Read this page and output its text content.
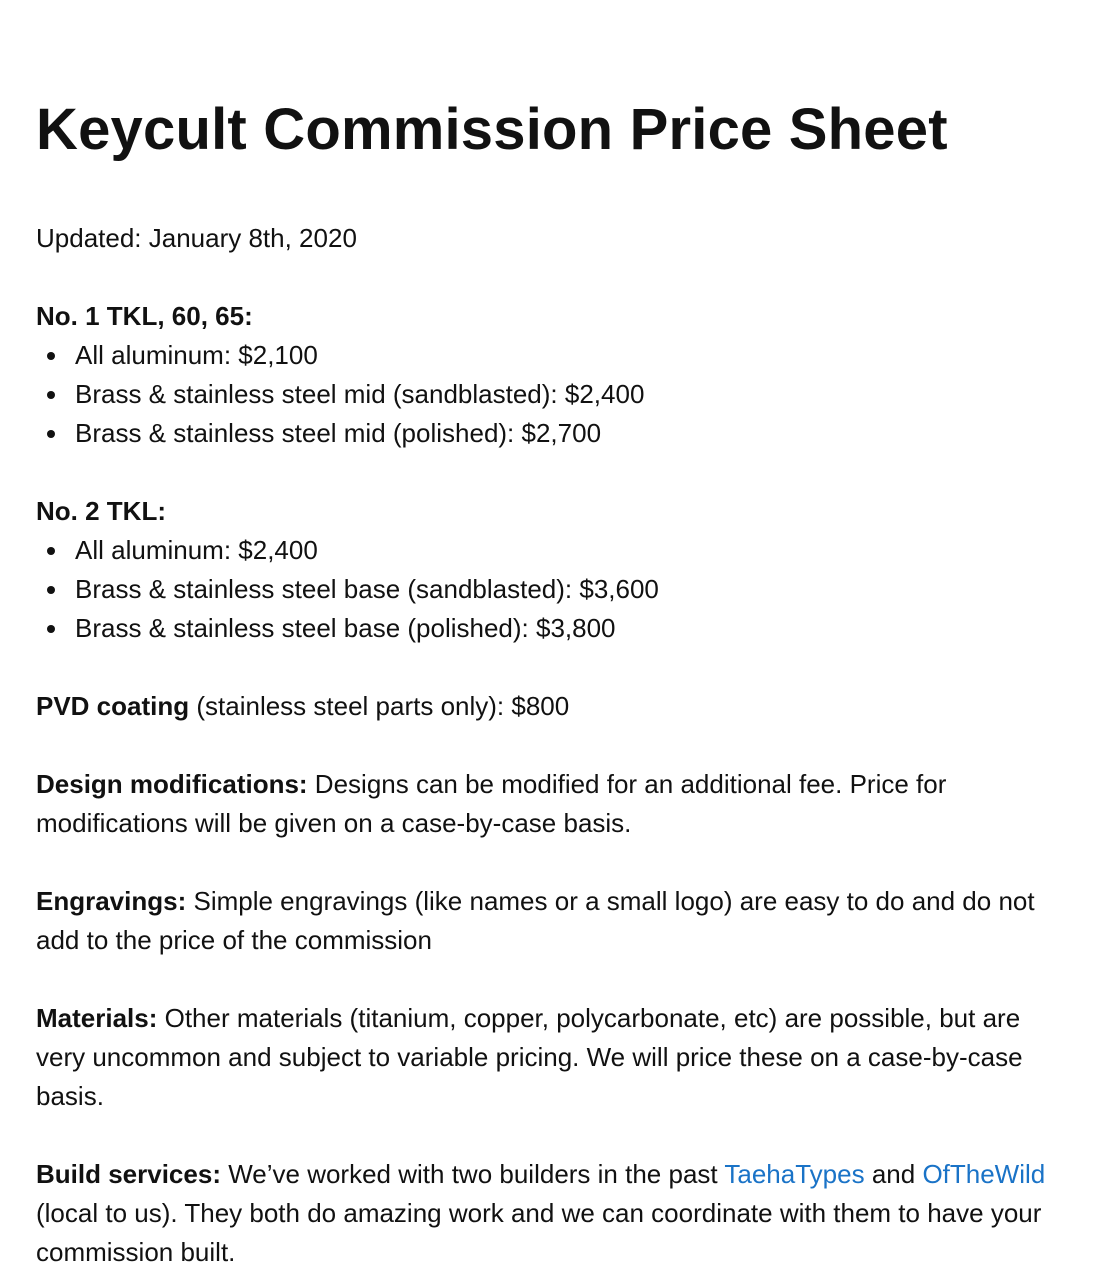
Keycult Commission Price Sheet
Updated: January 8th, 2020
No. 1 TKL, 60, 65:
All aluminum: $2,100
Brass & stainless steel mid (sandblasted): $2,400
Brass & stainless steel mid (polished): $2,700
No. 2 TKL:
All aluminum: $2,400
Brass & stainless steel base (sandblasted): $3,600
Brass & stainless steel base (polished): $3,800
PVD coating (stainless steel parts only): $800
Design modifications: Designs can be modified for an additional fee. Price for modifications will be given on a case-by-case basis.
Engravings: Simple engravings (like names or a small logo) are easy to do and do not add to the price of the commission
Materials: Other materials (titanium, copper, polycarbonate, etc) are possible, but are very uncommon and subject to variable pricing. We will price these on a case-by-case basis.
Build services: We’ve worked with two builders in the past TaehaTypes and OfTheWild (local to us). They both do amazing work and we can coordinate with them to have your commission built.
